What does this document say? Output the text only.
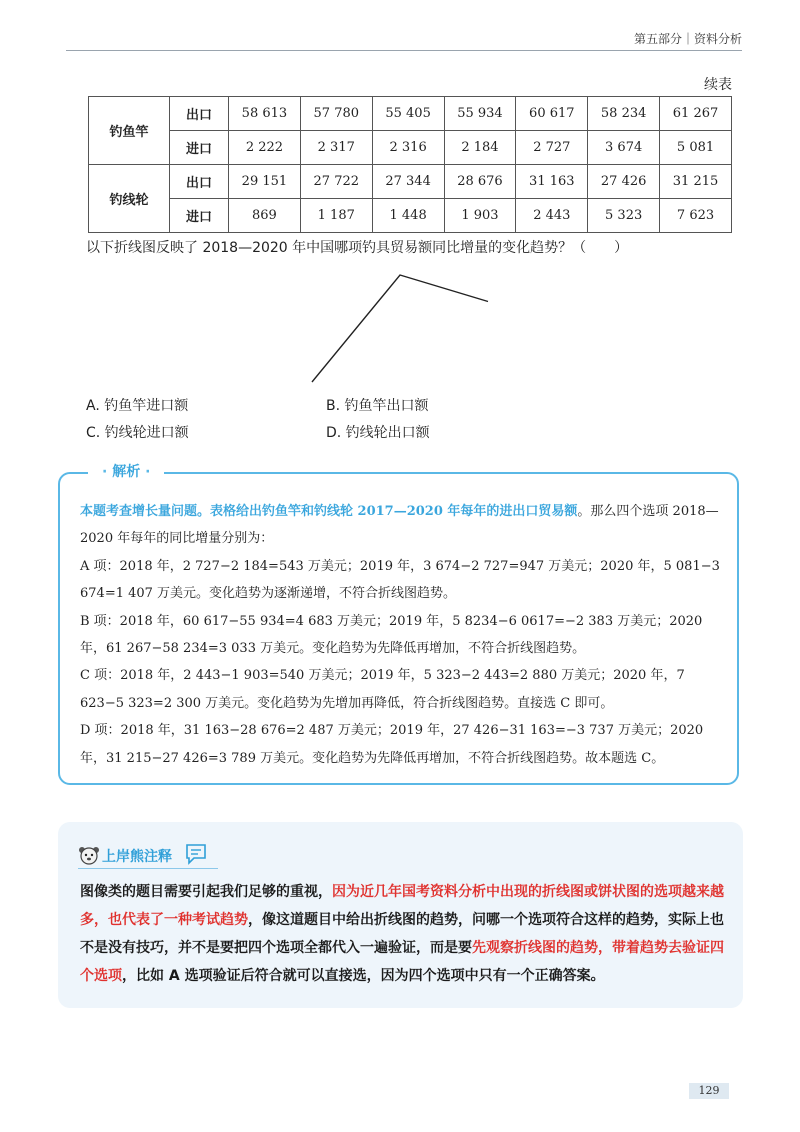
第五部分｜资料分析
续表
钓鱼竿	出口	58 613	57 780	55 405	55 934	60 617	58 234	61 267
	进口	2 222	2 317	2 316	2 184	2 727	3 674	5 081
钓线轮	出口	29 151	27 722	27 344	28 676	31 163	27 426	31 215
	进口	869	1 187	1 448	1 903	2 443	5 323	7 623
以下折线图反映了 2018—2020 年中国哪项钓具贸易额同比增量的变化趋势？（　　）
A. 钓鱼竿进口额	B. 钓鱼竿出口额
C. 钓线轮进口额	D. 钓线轮出口额
· 解析 ·
本题考查增长量问题。表格给出钓鱼竿和钓线轮 2017—2020 年每年的进出口贸易额。那么四个选项 2018—2020 年每年的同比增量分别为：
A 项：2018 年，2 727−2 184=543 万美元；2019 年，3 674−2 727=947 万美元；2020 年，5 081−3 674=1 407 万美元。变化趋势为逐渐递增，不符合折线图趋势。
B 项：2018 年，60 617−55 934=4 683 万美元；2019 年，5 8234−6 0617=−2 383 万美元；2020 年，61 267−58 234=3 033 万美元。变化趋势为先降低再增加，不符合折线图趋势。
C 项：2018 年，2 443−1 903=540 万美元；2019 年，5 323−2 443=2 880 万美元；2020 年，7 623−5 323=2 300 万美元。变化趋势为先增加再降低，符合折线图趋势。直接选 C 即可。
D 项：2018 年，31 163−28 676=2 487 万美元；2019 年，27 426−31 163=−3 737 万美元；2020 年，31 215−27 426=3 789 万美元。变化趋势为先降低再增加，不符合折线图趋势。故本题选 C。
上岸熊注释
图像类的题目需要引起我们足够的重视，因为近几年国考资料分析中出现的折线图或饼状图的选项越来越多，也代表了一种考试趋势，像这道题目中给出折线图的趋势，问哪一个选项符合这样的趋势，实际上也不是没有技巧，并不是要把四个选项全都代入一遍验证，而是要先观察折线图的趋势，带着趋势去验证四个选项，比如 A 选项验证后符合就可以直接选，因为四个选项中只有一个正确答案。
129
